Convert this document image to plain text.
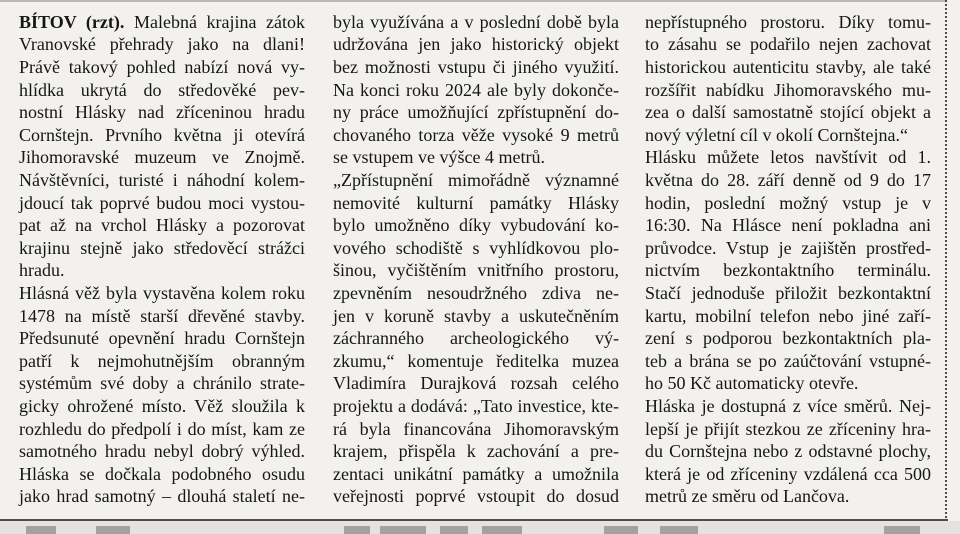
BÍTOV (rzt). Malebná krajina zátok
Vranovské přehrady jako na dlani!
Právě takový pohled nabízí nová vy-
hlídka ukrytá do středověké pev-
nostní Hlásky nad zříceninou hradu
Cornštejn. Prvního května ji otevírá
Jihomoravské muzeum ve Znojmě.
Návštěvníci, turisté i náhodní kolem-
jdoucí tak poprvé budou moci vystou-
pat až na vrchol Hlásky a pozorovat
krajinu stejně jako středověcí strážci
hradu.
Hlásná věž byla vystavěna kolem roku
1478 na místě starší dřevěné stavby.
Předsunuté opevnění hradu Cornštejn
patří k nejmohutnějším obranným
systémům své doby a chránilo strate-
gicky ohrožené místo. Věž sloužila k
rozhledu do předpolí i do míst, kam ze
samotného hradu nebyl dobrý výhled.
Hláska se dočkala podobného osudu
jako hrad samotný – dlouhá staletí ne-
byla využívána a v poslední době byla
udržována jen jako historický objekt
bez možnosti vstupu či jiného využití.
Na konci roku 2024 ale byly dokonče-
ny práce umožňující zpřístupnění do-
chovaného torza věže vysoké 9 metrů
se vstupem ve výšce 4 metrů.
„Zpřístupnění mimořádně významné
nemovité kulturní památky Hlásky
bylo umožněno díky vybudování ko-
vového schodiště s vyhlídkovou plo-
šinou, vyčištěním vnitřního prostoru,
zpevněním nesoudržného zdiva ne-
jen v koruně stavby a uskutečněním
záchranného archeologického vý-
zkumu,“ komentuje ředitelka muzea
Vladimíra Durajková rozsah celého
projektu a dodává: „Tato investice, kte-
rá byla financována Jihomoravským
krajem, přispěla k zachování a pre-
zentaci unikátní památky a umožnila
veřejnosti poprvé vstoupit do dosud
nepřístupného prostoru. Díky tomu-
to zásahu se podařilo nejen zachovat
historickou autenticitu stavby, ale také
rozšířit nabídku Jihomoravského mu-
zea o další samostatně stojící objekt a
nový výletní cíl v okolí Cornštejna.“
Hlásku můžete letos navštívit od 1.
května do 28. září denně od 9 do 17
hodin, poslední možný vstup je v
16:30. Na Hlásce není pokladna ani
průvodce. Vstup je zajištěn prostřed-
nictvím bezkontaktního terminálu.
Stačí jednoduše přiložit bezkontaktní
kartu, mobilní telefon nebo jiné zaří-
zení s podporou bezkontaktních pla-
teb a brána se po zaúčtování vstupné-
ho 50 Kč automaticky otevře.
Hláska je dostupná z více směrů. Nej-
lepší je přijít stezkou ze zříceniny hra-
du Cornštejna nebo z odstavné plochy,
která je od zříceniny vzdálená cca 500
metrů ze směru od Lančova.
